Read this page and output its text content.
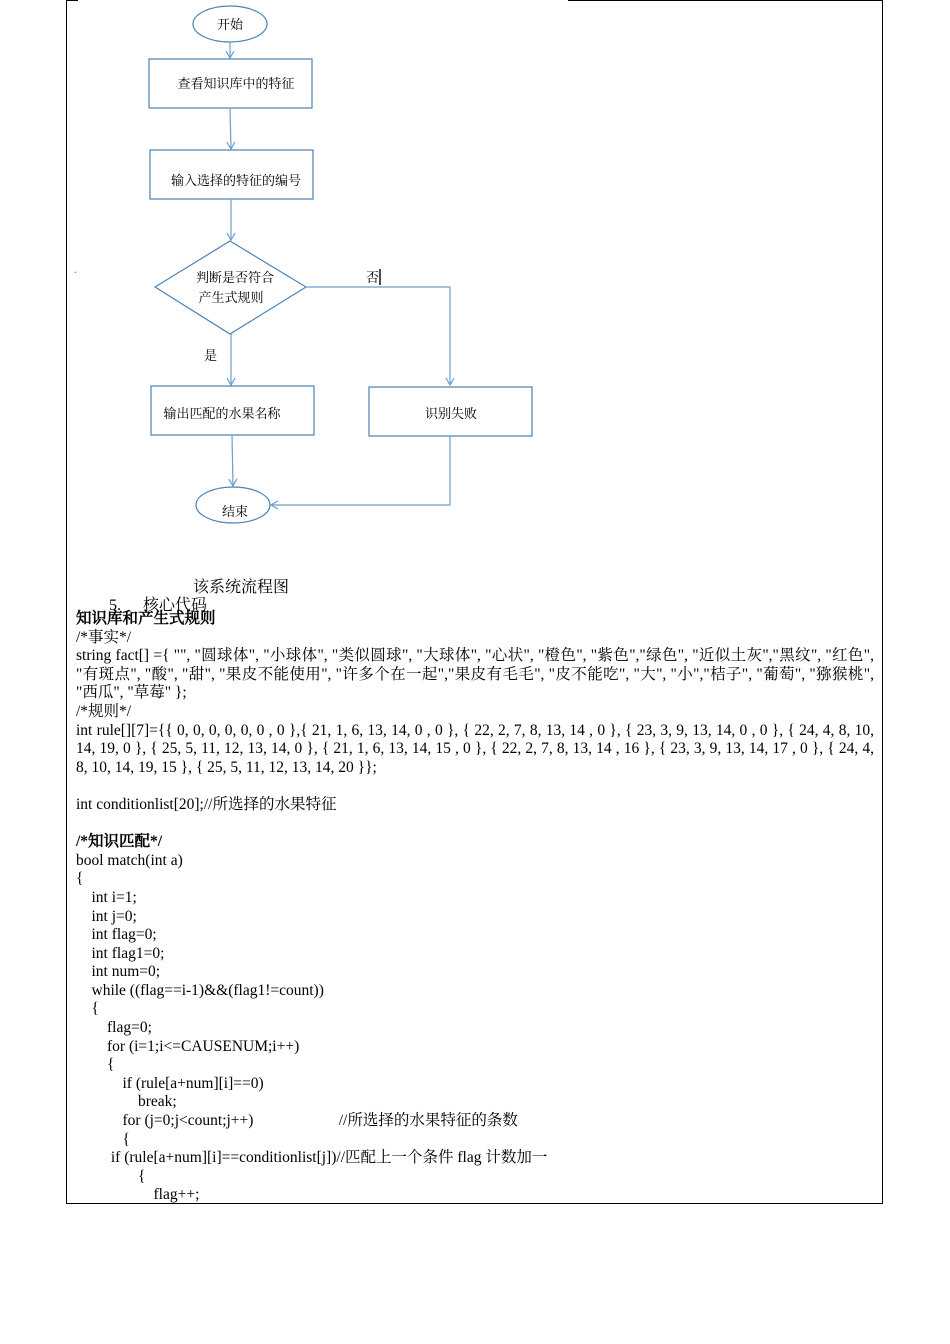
ˇ
开始
查看知识库中的特征
输入选择的特征的编号
判断是否符合
产生式规则
否
是
输出匹配的水果名称	识别失败
结束
该系统流程图
5. 核心代码
知识库和产生式规则
/*事实*/
string fact[] ={ "", "圆球体", "小球体", "类似圆球", "大球体", "心状", "橙色", "紫色","绿色", "近似土灰","黑纹", "红色", "有斑点", "酸", "甜", "果皮不能使用", "许多个在一起","果皮有毛毛", "皮不能吃", "大", "小","桔子", "葡萄", "猕猴桃", "西瓜", "草莓" };
/*规则*/
int rule[][7]={{ 0, 0, 0, 0, 0, 0 , 0 },{ 21, 1, 6, 13, 14, 0 , 0 }, { 22, 2, 7, 8, 13, 14 , 0 }, { 23, 3, 9, 13, 14, 0 , 0 }, { 24, 4, 8, 10, 14, 19, 0 }, { 25, 5, 11, 12, 13, 14, 0 }, { 21, 1, 6, 13, 14, 15 , 0 }, { 22, 2, 7, 8, 13, 14 , 16 }, { 23, 3, 9, 13, 14, 17 , 0 }, { 24, 4, 8, 10, 14, 19, 15 }, { 25, 5, 11, 12, 13, 14, 20 }};
int conditionlist[20];//所选择的水果特征
/*知识匹配*/
bool match(int a)
{
int i=1;
int j=0;
int flag=0;
int flag1=0;
int num=0;
while ((flag==i-1)&&(flag1!=count))
{
flag=0;
for (i=1;i<=CAUSENUM;i++)
{
if (rule[a+num][i]==0)
break;
for (j=0;j<count;j++)                      //所选择的水果特征的条数
{
if (rule[a+num][i]==conditionlist[j])//匹配上一个条件 flag 计数加一
{
flag++;
